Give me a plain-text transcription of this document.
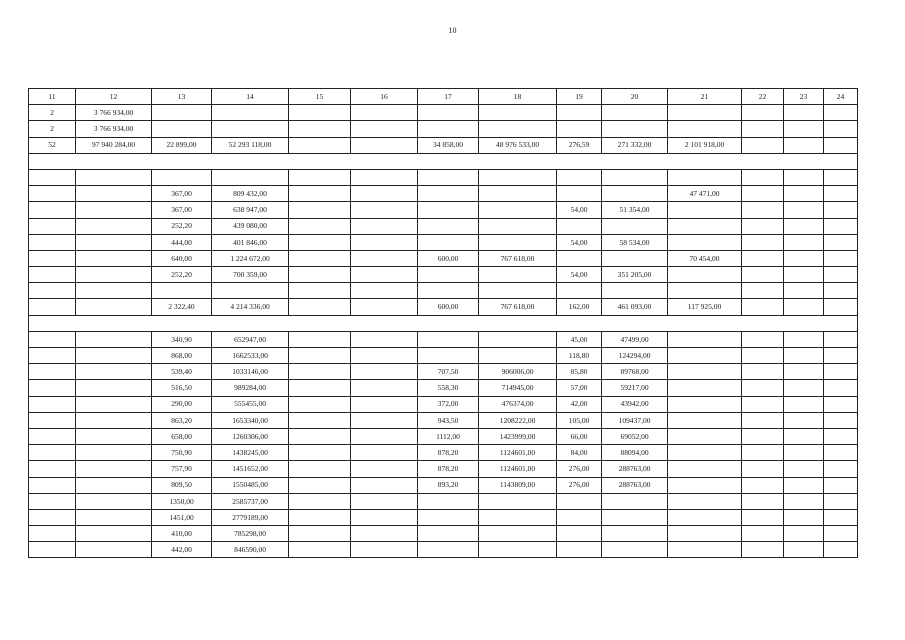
10
11	12	13	14	15	16	17	18	19	20	21	22	23	24
2	3 766 934,00												
2	3 766 934,00												
52	97 940 284,00	22 899,00	52 293 118,00			34 858,00	48 976 533,00	276,59	271 332,00	2 101 918,00			

		367,00	809 432,00							47 471,00			
		367,00	638 947,00					54,00	51 354,00				
		252,20	439 080,00										
		444,00	401 846,00					54,00	58 534,00				
		640,00	1 224 672,00			600,00	767 618,00			70 454,00			
		252,20	700 359,00					54,00	351 205,00				

		2 322,40	4 214 336,00			600,00	767 618,00	162,00	461 093,00	117 925,00			

		340,90	652947,00					45,00	47499,00				
		868,00	1662533,00					118,80	124294,00				
		539,40	1033146,00			707,50	906006,00	85,80	89768,00				
		516,50	989284,00			558,30	714945,00	57,00	59217,00				
		290,00	555455,00			372,00	476374,00	42,00	43942,00				
		863,20	1653340,00			943,50	1208222,00	105,00	109437,00				
		658,00	1260306,00			1112,00	1423999,00	66,00	69052,00				
		750,90	1438245,00			878,20	1124601,00	84,00	88094,00				
		757,90	1451652,00			878,20	1124601,00	276,00	288763,00				
		809,50	1550485,00			893,20	1143809,00	276,00	288763,00				
		1350,00	2585737,00										
		1451,00	2779189,00										
		410,00	785298,00										
		442,00	846590,00										
